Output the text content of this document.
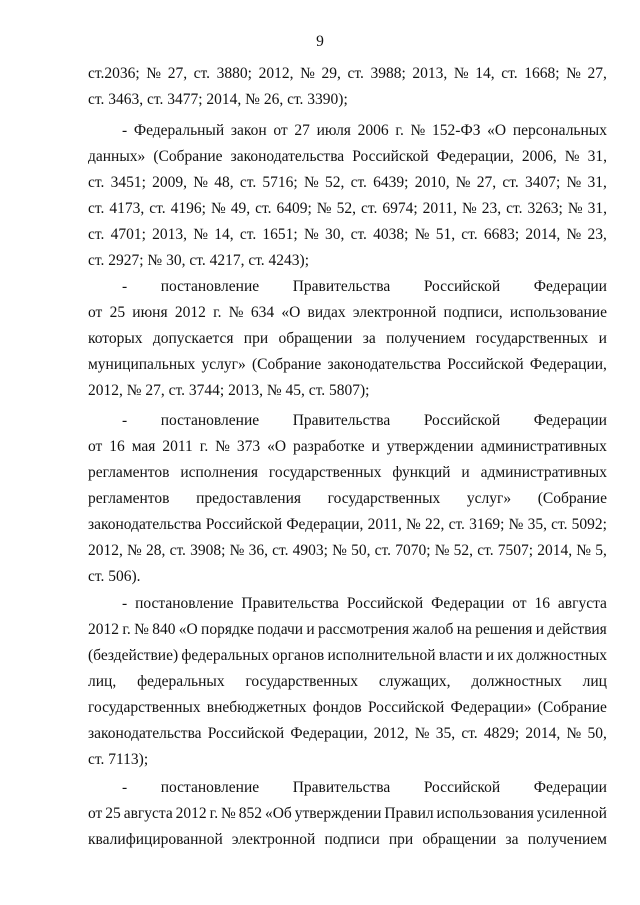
9
ст.2036; № 27, ст. 3880; 2012, № 29, ст. 3988; 2013, № 14, ст. 1668; № 27,
ст. 3463, ст. 3477; 2014, № 26, ст. 3390);
- Федеральный закон от 27 июля 2006 г. № 152-ФЗ «О персональных
данных» (Собрание законодательства Российской Федерации, 2006, № 31,
ст. 3451; 2009, № 48, ст. 5716; № 52, ст. 6439; 2010, № 27, ст. 3407; № 31,
ст. 4173, ст. 4196; № 49, ст. 6409; № 52, ст. 6974; 2011, № 23, ст. 3263; № 31,
ст. 4701; 2013, № 14, ст. 1651; № 30, ст. 4038; № 51, ст. 6683; 2014, № 23,
ст. 2927; № 30, ст. 4217, ст. 4243);
- постановление Правительства Российской Федерации
от 25 июня 2012 г. № 634 «О видах электронной подписи, использование
которых допускается при обращении за получением государственных и
муниципальных услуг» (Собрание законодательства Российской Федерации,
2012, № 27, ст. 3744; 2013, № 45, ст. 5807);
- постановление Правительства Российской Федерации
от 16 мая 2011 г. № 373 «О разработке и утверждении административных
регламентов исполнения государственных функций и административных
регламентов предоставления государственных услуг» (Собрание
законодательства Российской Федерации, 2011, № 22, ст. 3169; № 35, ст. 5092;
2012, № 28, ст. 3908; № 36, ст. 4903; № 50, ст. 7070; № 52, ст. 7507; 2014, № 5,
ст. 506).
- постановление Правительства Российской Федерации от 16 августа
2012 г. № 840 «О порядке подачи и рассмотрения жалоб на решения и действия
(бездействие) федеральных органов исполнительной власти и их должностных
лиц, федеральных государственных служащих, должностных лиц
государственных внебюджетных фондов Российской Федерации» (Собрание
законодательства Российской Федерации, 2012, № 35, ст. 4829; 2014, № 50,
ст. 7113);
- постановление Правительства Российской Федерации
от 25 августа 2012 г. № 852 «Об утверждении Правил использования усиленной
квалифицированной электронной подписи при обращении за получением
